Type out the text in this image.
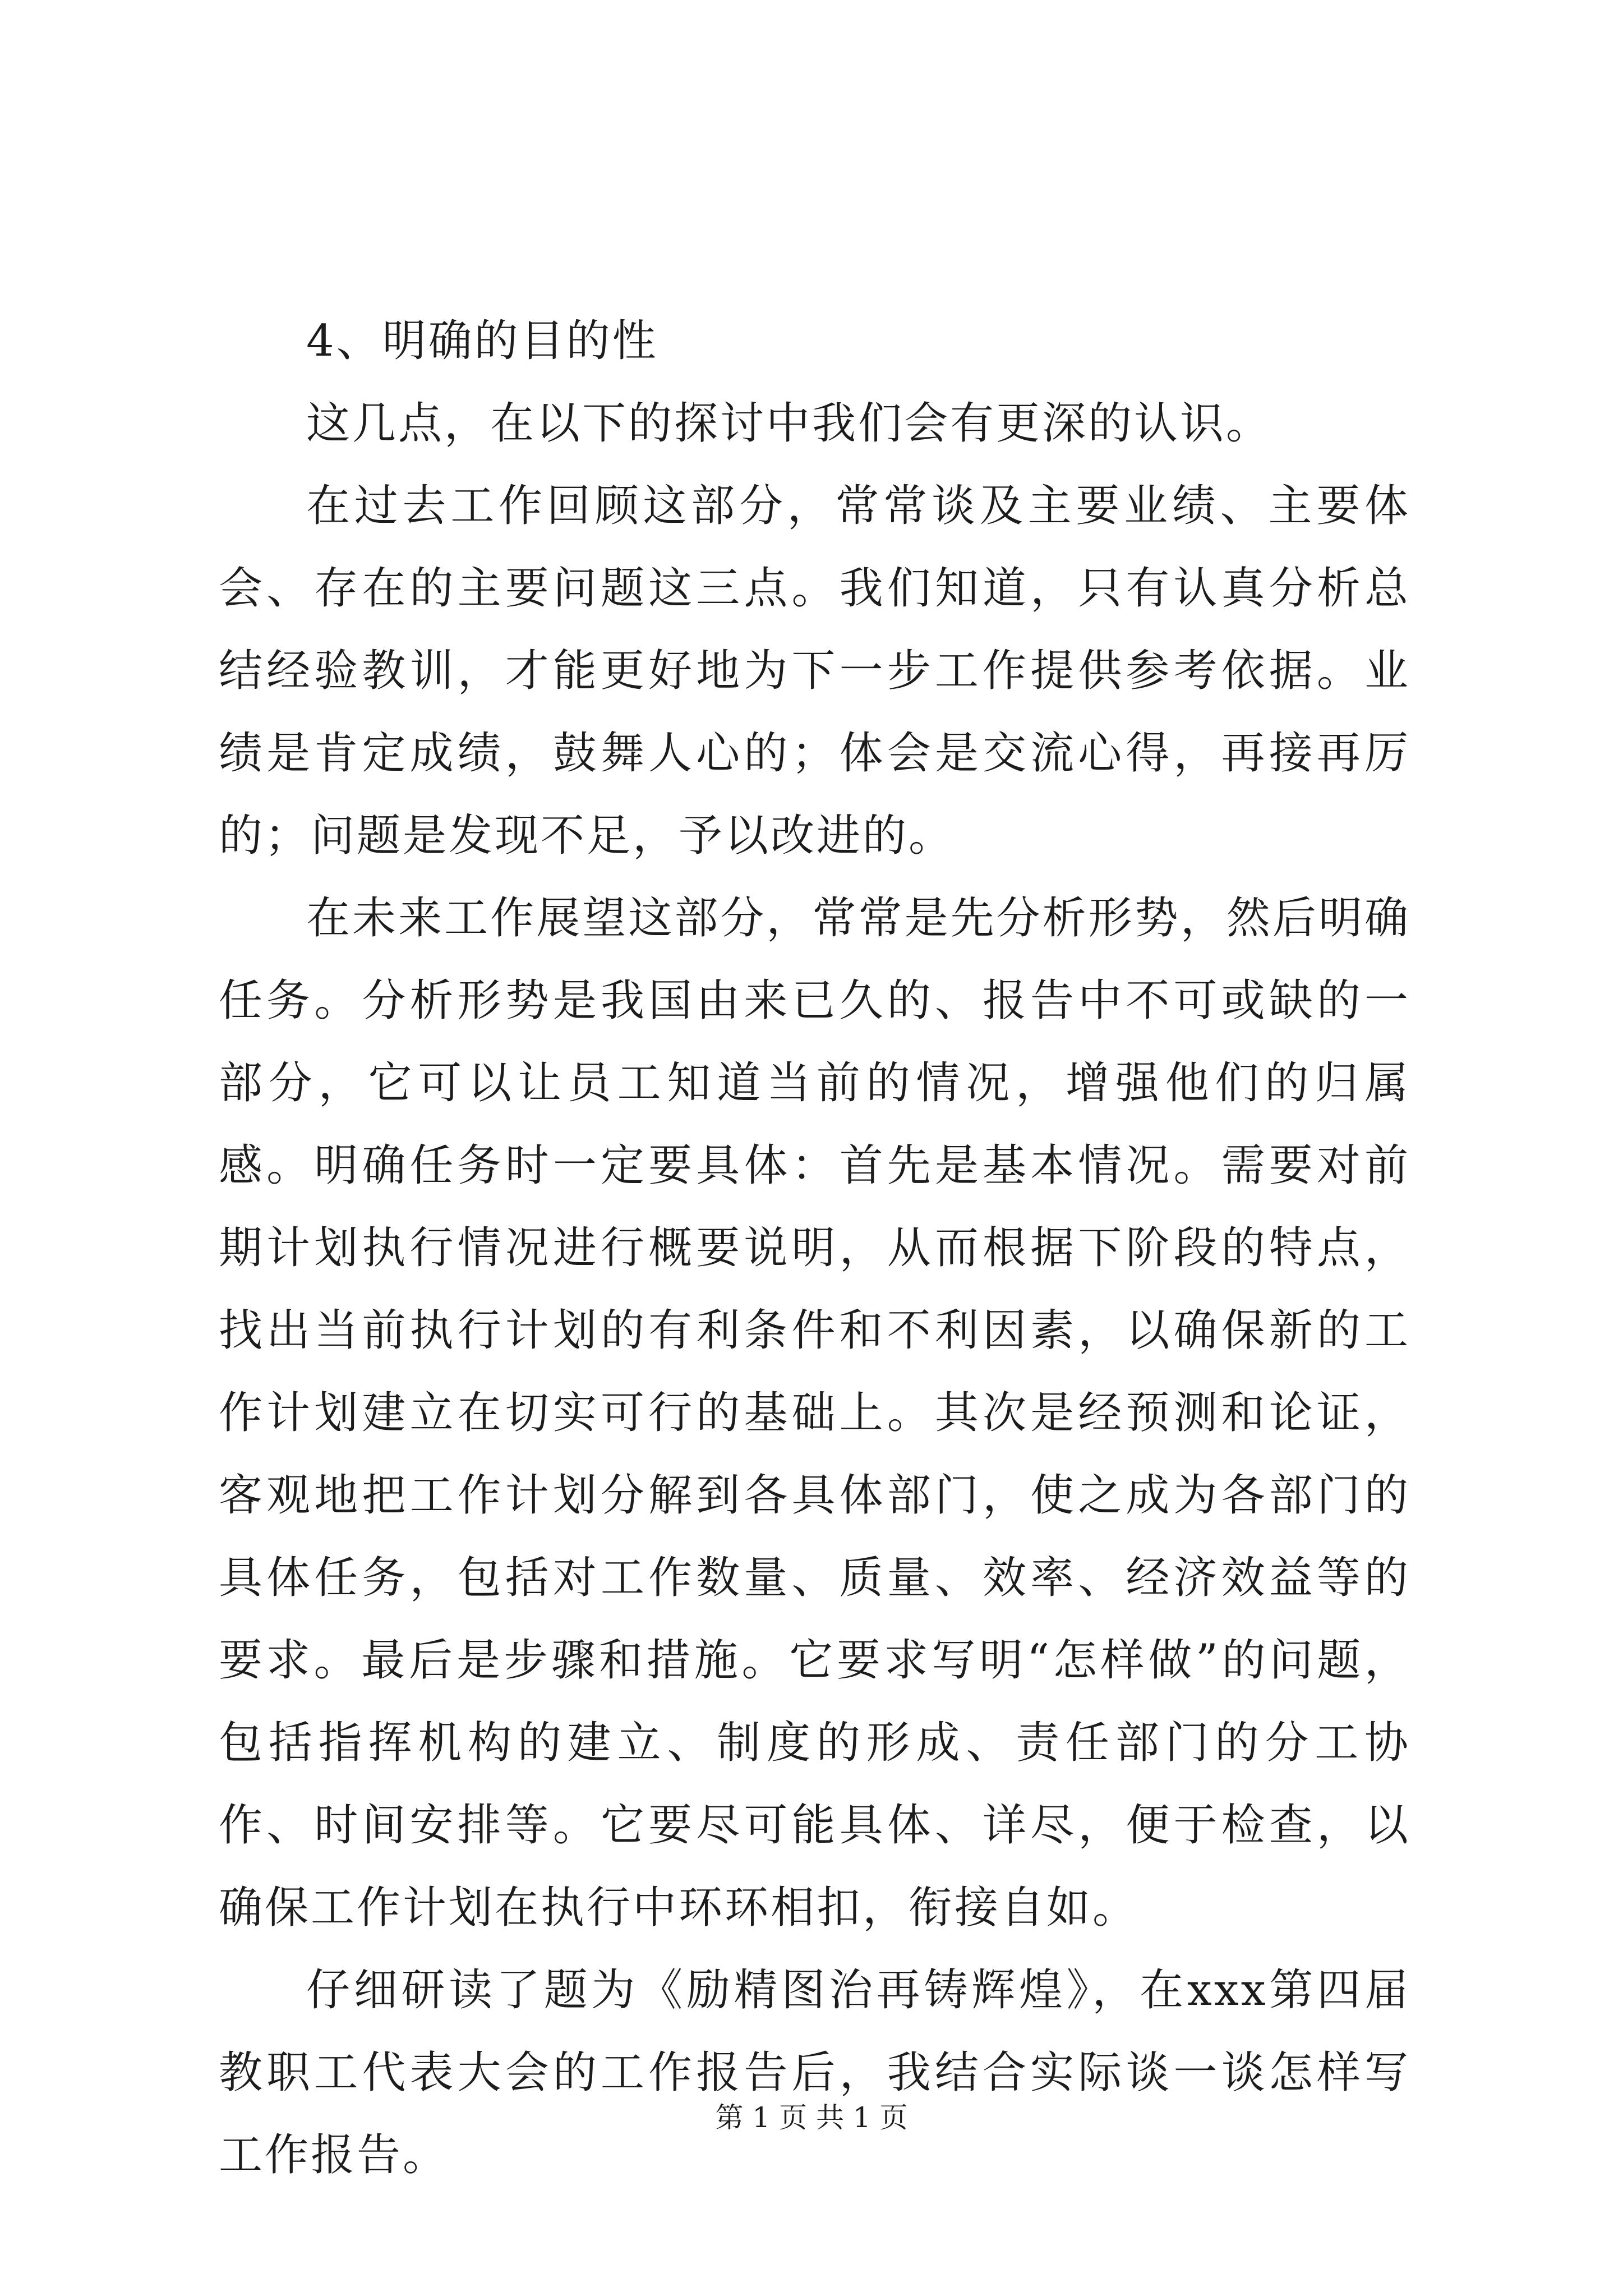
4、明确的目的性

这几点，在以下的探讨中我们会有更深的认识。

在过去工作回顾这部分，常常谈及主要业绩、主要体会、存在的主要问题这三点。我们知道，只有认真分析总结经验教训，才能更好地为下一步工作提供参考依据。业绩是肯定成绩，鼓舞人心的；体会是交流心得，再接再厉的；问题是发现不足，予以改进的。

在未来工作展望这部分，常常是先分析形势，然后明确任务。分析形势是我国由来已久的、报告中不可或缺的一部分，它可以让员工知道当前的情况，增强他们的归属感。明确任务时一定要具体：首先是基本情况。需要对前期计划执行情况进行概要说明，从而根据下阶段的特点，找出当前执行计划的有利条件和不利因素，以确保新的工作计划建立在切实可行的基础上。其次是经预测和论证，客观地把工作计划分解到各具体部门，使之成为各部门的具体任务，包括对工作数量、质量、效率、经济效益等的要求。最后是步骤和措施。它要求写明“怎样做”的问题，包括指挥机构的建立、制度的形成、责任部门的分工协作、时间安排等。它要尽可能具体、详尽，便于检查，以确保工作计划在执行中环环相扣，衔接自如。

仔细研读了题为《励精图治再铸辉煌》，在xxx第四届教职工代表大会的工作报告后，我结合实际谈一谈怎样写工作报告。

第 1 页 共 1 页
